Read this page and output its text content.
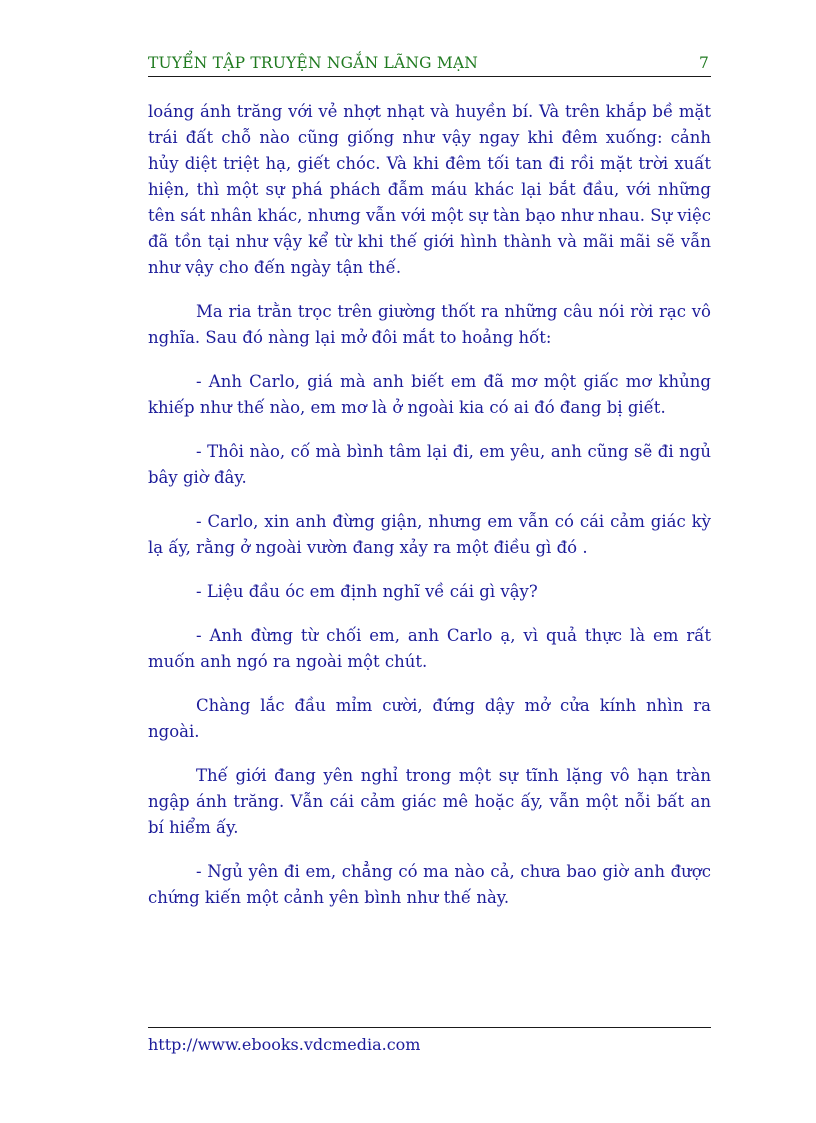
TUYỂN TẬP TRUYỆN NGẮN LÃNG MẠN	7

loáng ánh trăng với vẻ nhợt nhạt và huyền bí. Và trên khắp bề mặt trái đất chỗ nào cũng giống như vậy ngay khi đêm xuống: cảnh hủy diệt triệt hạ, giết chóc. Và khi đêm tối tan đi rồi mặt trời xuất hiện, thì một sự phá phách đẫm máu khác lại bắt đầu, với những tên sát nhân khác, nhưng vẫn với một sự tàn bạo như nhau. Sự việc đã tồn tại như vậy kể từ khi thế giới hình thành và mãi mãi sẽ vẫn như vậy cho đến ngày tận thế.

Ma ria trằn trọc trên giường thốt ra những câu nói rời rạc vô nghĩa. Sau đó nàng lại mở đôi mắt to hoảng hốt:

- Anh Carlo, giá mà anh biết em đã mơ một giấc mơ khủng khiếp như thế nào, em mơ là ở ngoài kia có ai đó đang bị giết.

- Thôi nào, cố mà bình tâm lại đi, em yêu, anh cũng sẽ đi ngủ bây giờ đây.

- Carlo, xin anh đừng giận, nhưng em vẫn có cái cảm giác kỳ lạ ấy, rằng ở ngoài vườn đang xảy ra một điều gì đó .

- Liệu đầu óc em định nghĩ về cái gì vậy?

- Anh đừng từ chối em, anh Carlo ạ, vì quả thực là em rất muốn anh ngó ra ngoài một chút.

Chàng lắc đầu mỉm cười, đứng dậy mở cửa kính nhìn ra ngoài.

Thế giới đang yên nghỉ trong một sự tĩnh lặng vô hạn tràn ngập ánh trăng. Vẫn cái cảm giác mê hoặc ấy, vẫn một nỗi bất an bí hiểm ấy.

- Ngủ yên đi em, chẳng có ma nào cả, chưa bao giờ anh được chứng kiến một cảnh yên bình như thế này.

http://www.ebooks.vdcmedia.com
